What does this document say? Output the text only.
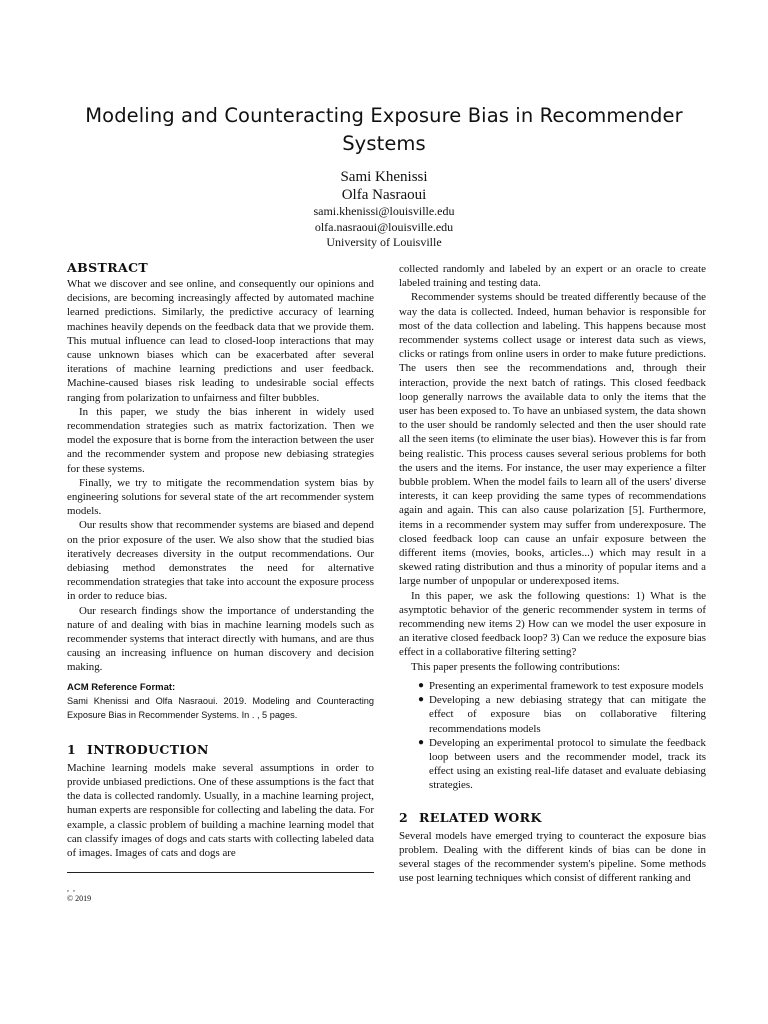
Modeling and Counteracting Exposure Bias in Recommender Systems
Sami Khenissi
Olfa Nasraoui
sami.khenissi@louisville.edu
olfa.nasraoui@louisville.edu
University of Louisville
ABSTRACT

What we discover and see online, and consequently our opinions and decisions, are becoming increasingly affected by automated machine learned predictions. Similarly, the predictive accuracy of learning machines heavily depends on the feedback data that we provide them. This mutual influence can lead to closed-loop interactions that may cause unknown biases which can be exacerbated after several iterations of machine learning predictions and user feedback. Machine-caused biases risk leading to undesirable social effects ranging from polarization to unfairness and filter bubbles.

In this paper, we study the bias inherent in widely used recommendation strategies such as matrix factorization. Then we model the exposure that is borne from the interaction between the user and the recommender system and propose new debiasing strategies for these systems.

Finally, we try to mitigate the recommendation system bias by engineering solutions for several state of the art recommender system models.

Our results show that recommender systems are biased and depend on the prior exposure of the user. We also show that the studied bias iteratively decreases diversity in the output recommendations. Our debiasing method demonstrates the need for alternative recommendation strategies that take into account the exposure process in order to reduce bias.

Our research findings show the importance of understanding the nature of and dealing with bias in machine learning models such as recommender systems that interact directly with humans, and are thus causing an increasing influence on human discovery and decision making.

ACM Reference Format:
Sami Khenissi and Olfa Nasraoui. 2019. Modeling and Counteracting Exposure Bias in Recommender Systems. In . , 5 pages.
1 INTRODUCTION

Machine learning models make several assumptions in order to provide unbiased predictions. One of these assumptions is the fact that the data is collected randomly. Usually, in a machine learning project, human experts are responsible for collecting and labeling the data. For example, a classic problem of building a machine learning model that can classify images of dogs and cats starts with collecting labeled data of images. Images of cats and dogs are

, ,
© 2019

collected randomly and labeled by an expert or an oracle to create labeled training and testing data.

Recommender systems should be treated differently because of the way the data is collected. Indeed, human behavior is responsible for most of the data collection and labeling. This happens because most recommender systems collect usage or interest data such as views, clicks or ratings from online users in order to make future predictions. The users then see the recommendations and, through their interaction, provide the next batch of ratings. This closed feedback loop generally narrows the available data to only the items that the user has been exposed to. To have an unbiased system, the data shown to the user should be randomly selected and then the user should rate all the seen items (to eliminate the user bias). However this is far from being realistic. This process causes several serious problems for both the users and the items. For instance, the user may experience a filter bubble problem. When the model fails to learn all of the users' diverse interests, it can keep providing the same types of recommendations again and again. This can also cause polarization [5]. Furthermore, items in a recommender system may suffer from underexposure. The closed feedback loop can cause an unfair exposure between the different items (movies, books, articles...) which may result in a skewed rating distribution and thus a minority of popular items and a large number of unpopular or underexposed items.

In this paper, we ask the following questions: 1) What is the asymptotic behavior of the generic recommender system in terms of recommending new items 2) How can we model the user exposure in an iterative closed feedback loop? 3) Can we reduce the exposure bias effect in a collaborative filtering setting?

This paper presents the following contributions:

● Presenting an experimental framework to test exposure models
● Developing a new debiasing strategy that can mitigate the effect of exposure bias on collaborative filtering recommendations models
● Developing an experimental protocol to simulate the feedback loop between users and the recommender model, track its effect using an existing real-life dataset and evaluate debiasing strategies.
2 RELATED WORK

Several models have emerged trying to counteract the exposure bias problem. Dealing with the different kinds of bias can be done in several stages of the recommender system's pipeline. Some methods use post learning techniques which consist of different ranking and
